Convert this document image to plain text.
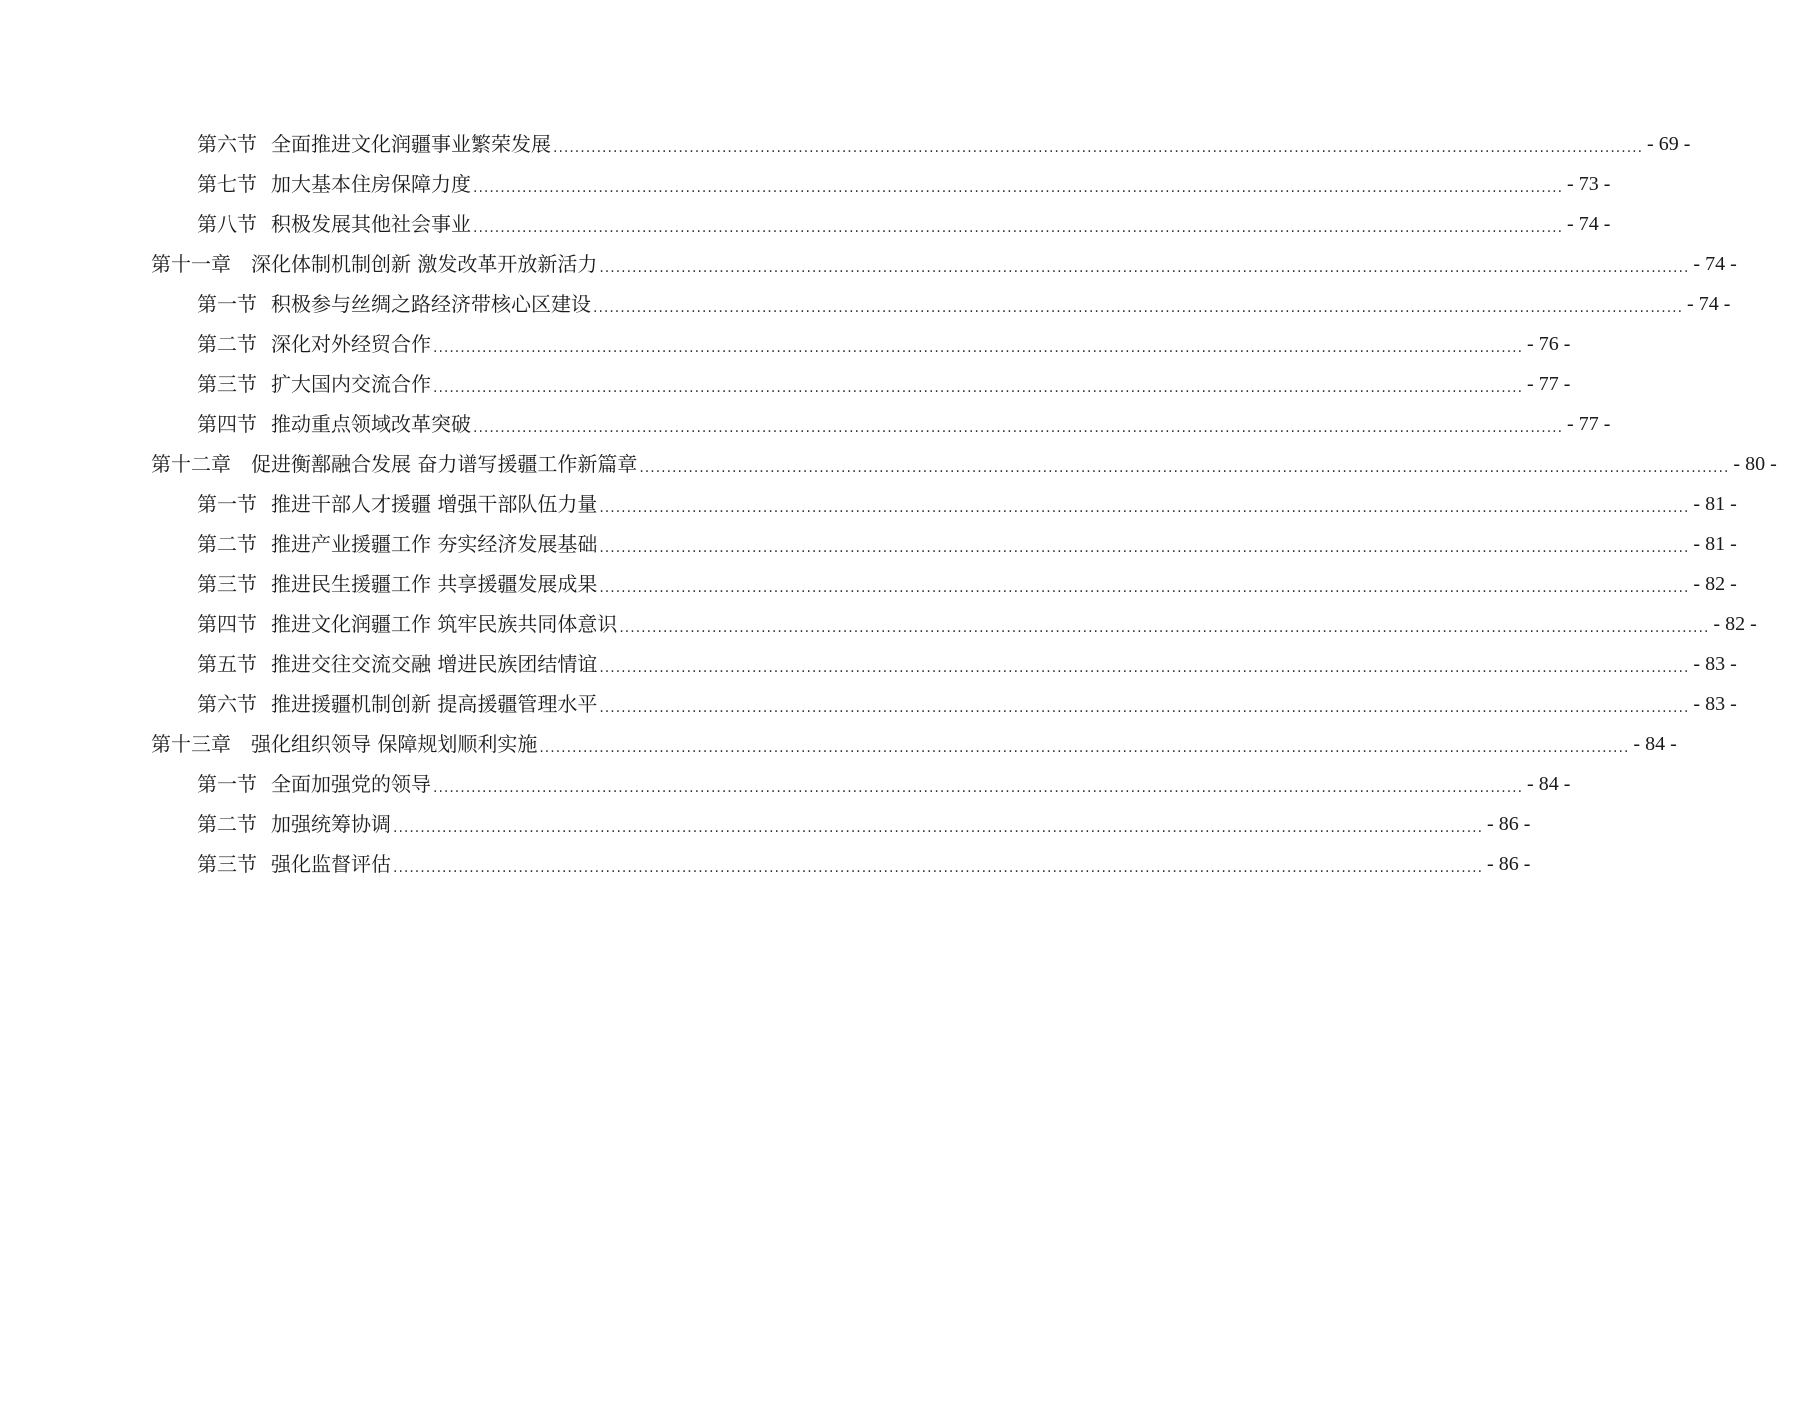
第六节 全面推进文化润疆事业繁荣发展 ........................................................................................................................................................................................................ - 69 -
第七节 加大基本住房保障力度 ........................................................................................................................................................................................................ - 73 -
第八节 积极发展其他社会事业 ........................................................................................................................................................................................................ - 74 -
第十一章 深化体制机制创新 激发改革开放新活力 ........................................................................................................................................................................................................ - 74 -
第一节 积极参与丝绸之路经济带核心区建设 ........................................................................................................................................................................................................ - 74 -
第二节 深化对外经贸合作 ........................................................................................................................................................................................................ - 76 -
第三节 扩大国内交流合作 ........................................................................................................................................................................................................ - 77 -
第四节 推动重点领域改革突破 ........................................................................................................................................................................................................ - 77 -
第十二章 促进衡鄯融合发展 奋力谱写援疆工作新篇章 ........................................................................................................................................................................................................ - 80 -
第一节 推进干部人才援疆 增强干部队伍力量 ........................................................................................................................................................................................................ - 81 -
第二节 推进产业援疆工作 夯实经济发展基础 ........................................................................................................................................................................................................ - 81 -
第三节 推进民生援疆工作 共享援疆发展成果 ........................................................................................................................................................................................................ - 82 -
第四节 推进文化润疆工作 筑牢民族共同体意识 ........................................................................................................................................................................................................ - 82 -
第五节 推进交往交流交融 增进民族团结情谊 ........................................................................................................................................................................................................ - 83 -
第六节 推进援疆机制创新 提高援疆管理水平 ........................................................................................................................................................................................................ - 83 -
第十三章 强化组织领导 保障规划顺利实施 ........................................................................................................................................................................................................ - 84 -
第一节 全面加强党的领导 ........................................................................................................................................................................................................ - 84 -
第二节 加强统筹协调 ........................................................................................................................................................................................................ - 86 -
第三节 强化监督评估 ........................................................................................................................................................................................................ - 86 -
